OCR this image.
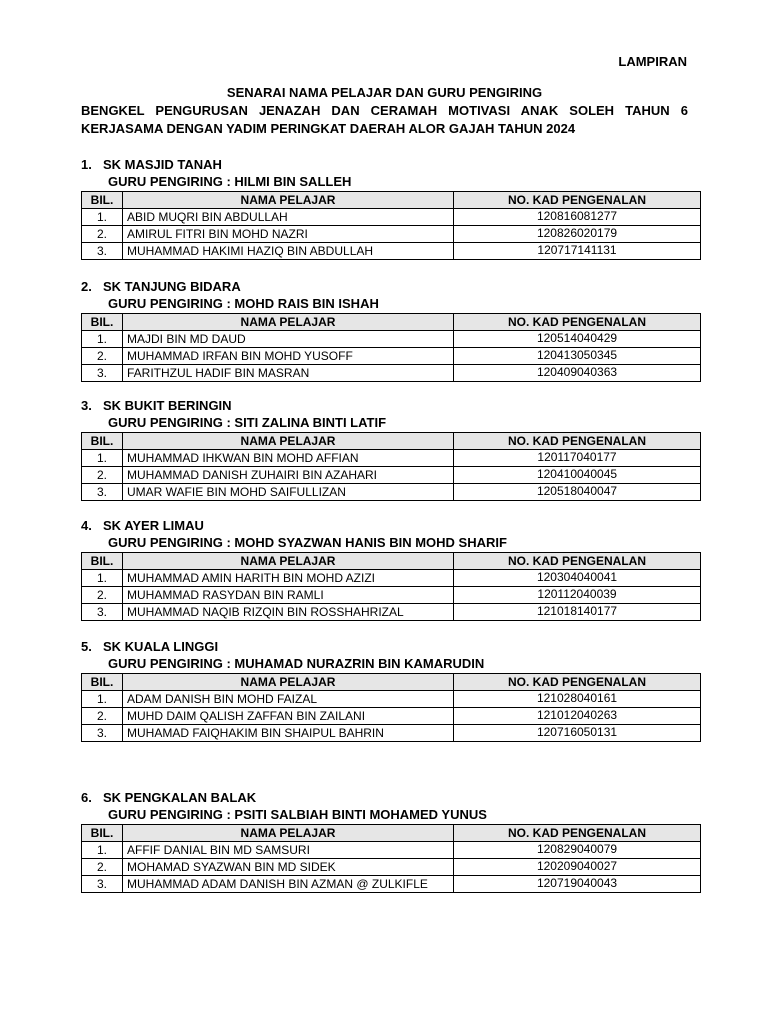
LAMPIRAN
SENARAI NAMA PELAJAR DAN GURU PENGIRING
BENGKEL PENGURUSAN JENAZAH DAN CERAMAH MOTIVASI ANAK SOLEH TAHUN 6
KERJASAMA DENGAN YADIM PERINGKAT DAERAH ALOR GAJAH TAHUN 2024
1. SK MASJID TANAH
GURU PENGIRING : HILMI BIN SALLEH
BIL.	NAMA PELAJAR	NO. KAD PENGENALAN
1.	ABID MUQRI BIN ABDULLAH	120816081277
2.	AMIRUL FITRI BIN MOHD NAZRI	120826020179
3.	MUHAMMAD HAKIMI HAZIQ BIN ABDULLAH	120717141131
2. SK TANJUNG BIDARA
GURU PENGIRING : MOHD RAIS BIN ISHAH
BIL.	NAMA PELAJAR	NO. KAD PENGENALAN
1.	MAJDI BIN MD DAUD	120514040429
2.	MUHAMMAD IRFAN BIN MOHD YUSOFF	120413050345
3.	FARITHZUL HADIF BIN MASRAN	120409040363
3. SK BUKIT BERINGIN
GURU PENGIRING : SITI ZALINA BINTI LATIF
BIL.	NAMA PELAJAR	NO. KAD PENGENALAN
1.	MUHAMMAD IHKWAN BIN MOHD AFFIAN	120117040177
2.	MUHAMMAD DANISH ZUHAIRI BIN AZAHARI	120410040045
3.	UMAR WAFIE BIN MOHD SAIFULLIZAN	120518040047
4. SK AYER LIMAU
GURU PENGIRING : MOHD SYAZWAN HANIS BIN MOHD SHARIF
BIL.	NAMA PELAJAR	NO. KAD PENGENALAN
1.	MUHAMMAD AMIN HARITH BIN MOHD AZIZI	120304040041
2.	MUHAMMAD RASYDAN BIN RAMLI	120112040039
3.	MUHAMMAD NAQIB RIZQIN BIN ROSSHAHRIZAL	121018140177
5. SK KUALA LINGGI
GURU PENGIRING : MUHAMAD NURAZRIN BIN KAMARUDIN
BIL.	NAMA PELAJAR	NO. KAD PENGENALAN
1.	ADAM DANISH BIN MOHD FAIZAL	121028040161
2.	MUHD DAIM QALISH ZAFFAN BIN ZAILANI	121012040263
3.	MUHAMAD FAIQHAKIM BIN SHAIPUL BAHRIN	120716050131
6. SK PENGKALAN BALAK
GURU PENGIRING : PSITI SALBIAH BINTI MOHAMED YUNUS
BIL.	NAMA PELAJAR	NO. KAD PENGENALAN
1.	AFFIF DANIAL BIN MD SAMSURI	120829040079
2.	MOHAMAD SYAZWAN BIN MD SIDEK	120209040027
3.	MUHAMMAD ADAM DANISH BIN AZMAN @ ZULKIFLE	120719040043
